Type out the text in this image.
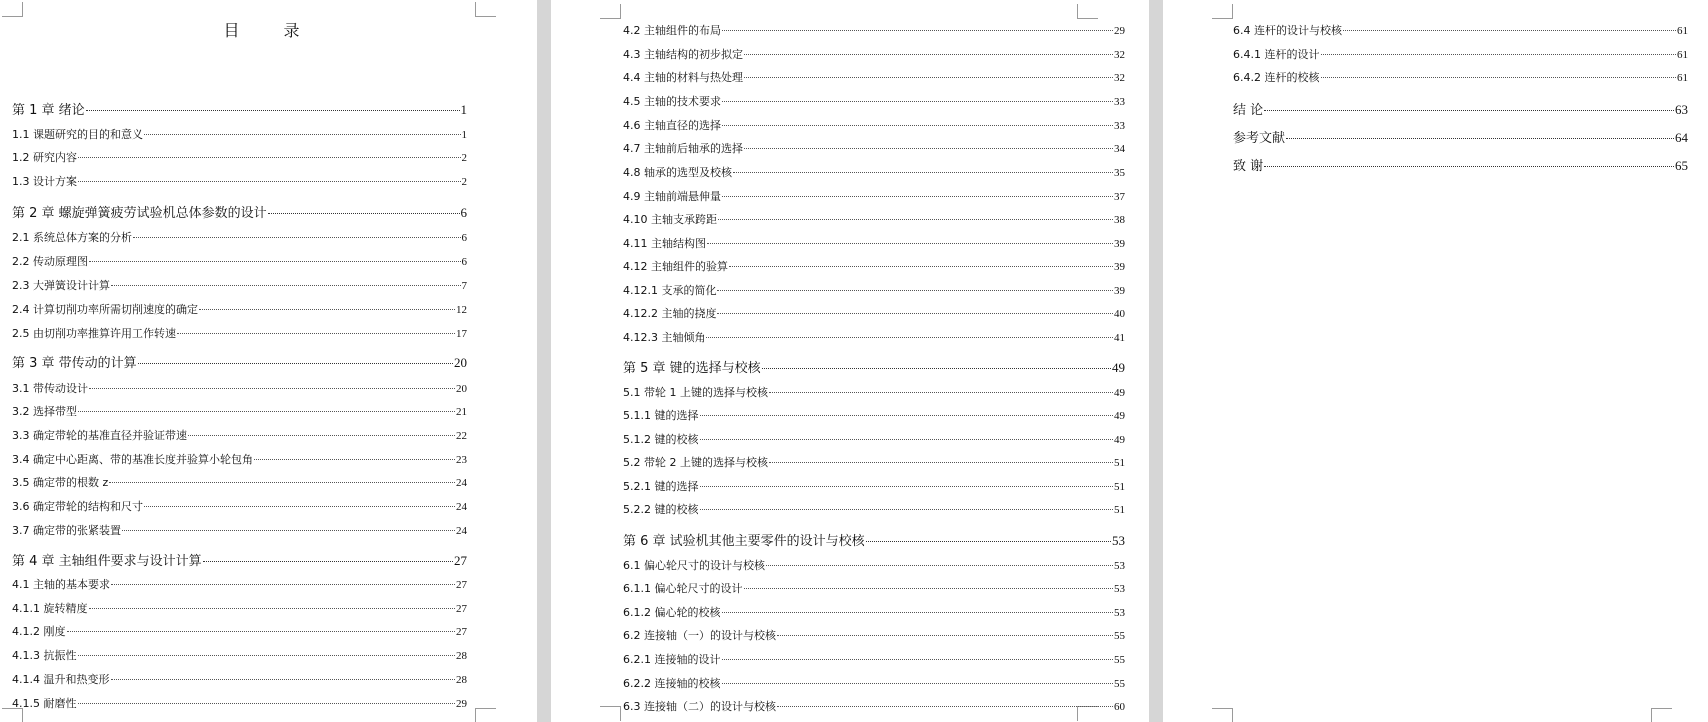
目　录
第 1 章 绪论	1
1.1 课题研究的目的和意义	1
1.2 研究内容	2
1.3 设计方案	2
第 2 章 螺旋弹簧疲劳试验机总体参数的设计	6
2.1 系统总体方案的分析	6
2.2 传动原理图	6
2.3 大弹簧设计计算	7
2.4 计算切削功率所需切削速度的确定	12
2.5 由切削功率推算许用工作转速	17
第 3 章 带传动的计算	20
3.1 带传动设计	20
3.2 选择带型	21
3.3 确定带轮的基准直径并验证带速	22
3.4 确定中心距离、带的基准长度并验算小轮包角	23
3.5 确定带的根数 z	24
3.6 确定带轮的结构和尺寸	24
3.7 确定带的张紧装置	24
第 4 章 主轴组件要求与设计计算	27
4.1 主轴的基本要求	27
4.1.1 旋转精度	27
4.1.2 刚度	27
4.1.3 抗振性	28
4.1.4 温升和热变形	28
4.1.5 耐磨性	29
4.2 主轴组件的布局	29
4.3 主轴结构的初步拟定	32
4.4 主轴的材料与热处理	32
4.5 主轴的技术要求	33
4.6 主轴直径的选择	33
4.7 主轴前后轴承的选择	34
4.8 轴承的选型及校核	35
4.9 主轴前端悬伸量	37
4.10 主轴支承跨距	38
4.11 主轴结构图	39
4.12 主轴组件的验算	39
4.12.1 支承的简化	39
4.12.2 主轴的挠度	40
4.12.3 主轴倾角	41
第 5 章 键的选择与校核	49
5.1 带轮 1 上键的选择与校核	49
5.1.1 键的选择	49
5.1.2 键的校核	49
5.2 带轮 2 上键的选择与校核	51
5.2.1 键的选择	51
5.2.2 键的校核	51
第 6 章 试验机其他主要零件的设计与校核	53
6.1 偏心轮尺寸的设计与校核	53
6.1.1 偏心轮尺寸的设计	53
6.1.2 偏心轮的校核	53
6.2 连接轴（一）的设计与校核	55
6.2.1 连接轴的设计	55
6.2.2 连接轴的校核	55
6.3 连接轴（二）的设计与校核	60
6.4 连杆的设计与校核	61
6.4.1 连杆的设计	61
6.4.2 连杆的校核	61
结 论	63
参考文献	64
致 谢	65
